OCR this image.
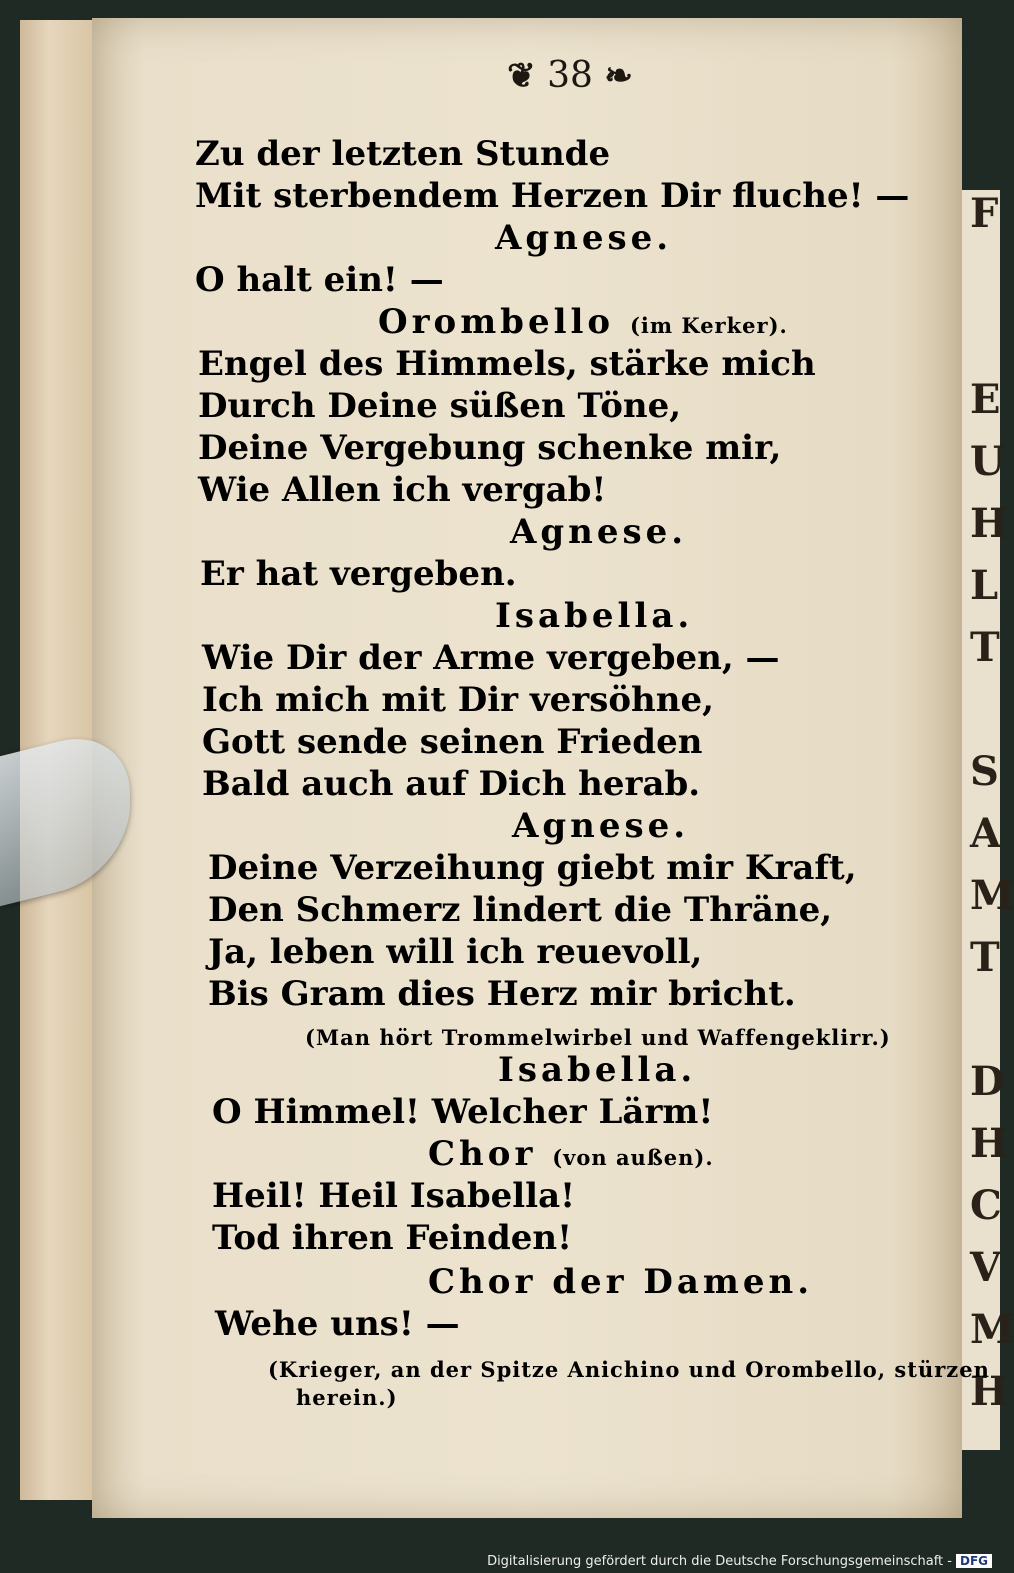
F
E
U
H
L
T
S
A
M
T
D
H
C
V
M
H
❦ 38 ❧
Zu der letzten Stunde
Mit sterbendem Herzen Dir fluche! —
Agnese.
O halt ein! —
Orombello (im Kerker).
Engel des Himmels, stärke mich
Durch Deine süßen Töne,
Deine Vergebung schenke mir,
Wie Allen ich vergab!
Agnese.
Er hat vergeben.
Isabella.
Wie Dir der Arme vergeben, —
Ich mich mit Dir versöhne,
Gott sende seinen Frieden
Bald auch auf Dich herab.
Agnese.
Deine Verzeihung giebt mir Kraft,
Den Schmerz lindert die Thräne,
Ja, leben will ich reuevoll,
Bis Gram dies Herz mir bricht.
(Man hört Trommelwirbel und Waffengeklirr.)
Isabella.
O Himmel! Welcher Lärm!
Chor (von außen).
Heil! Heil Isabella!
Tod ihren Feinden!
Chor der Damen.
Wehe uns! —
(Krieger, an der Spitze Anichino und Orombello, stürzen
herein.)
Digitalisierung gefördert durch die Deutsche Forschungsgemeinschaft - DFG
